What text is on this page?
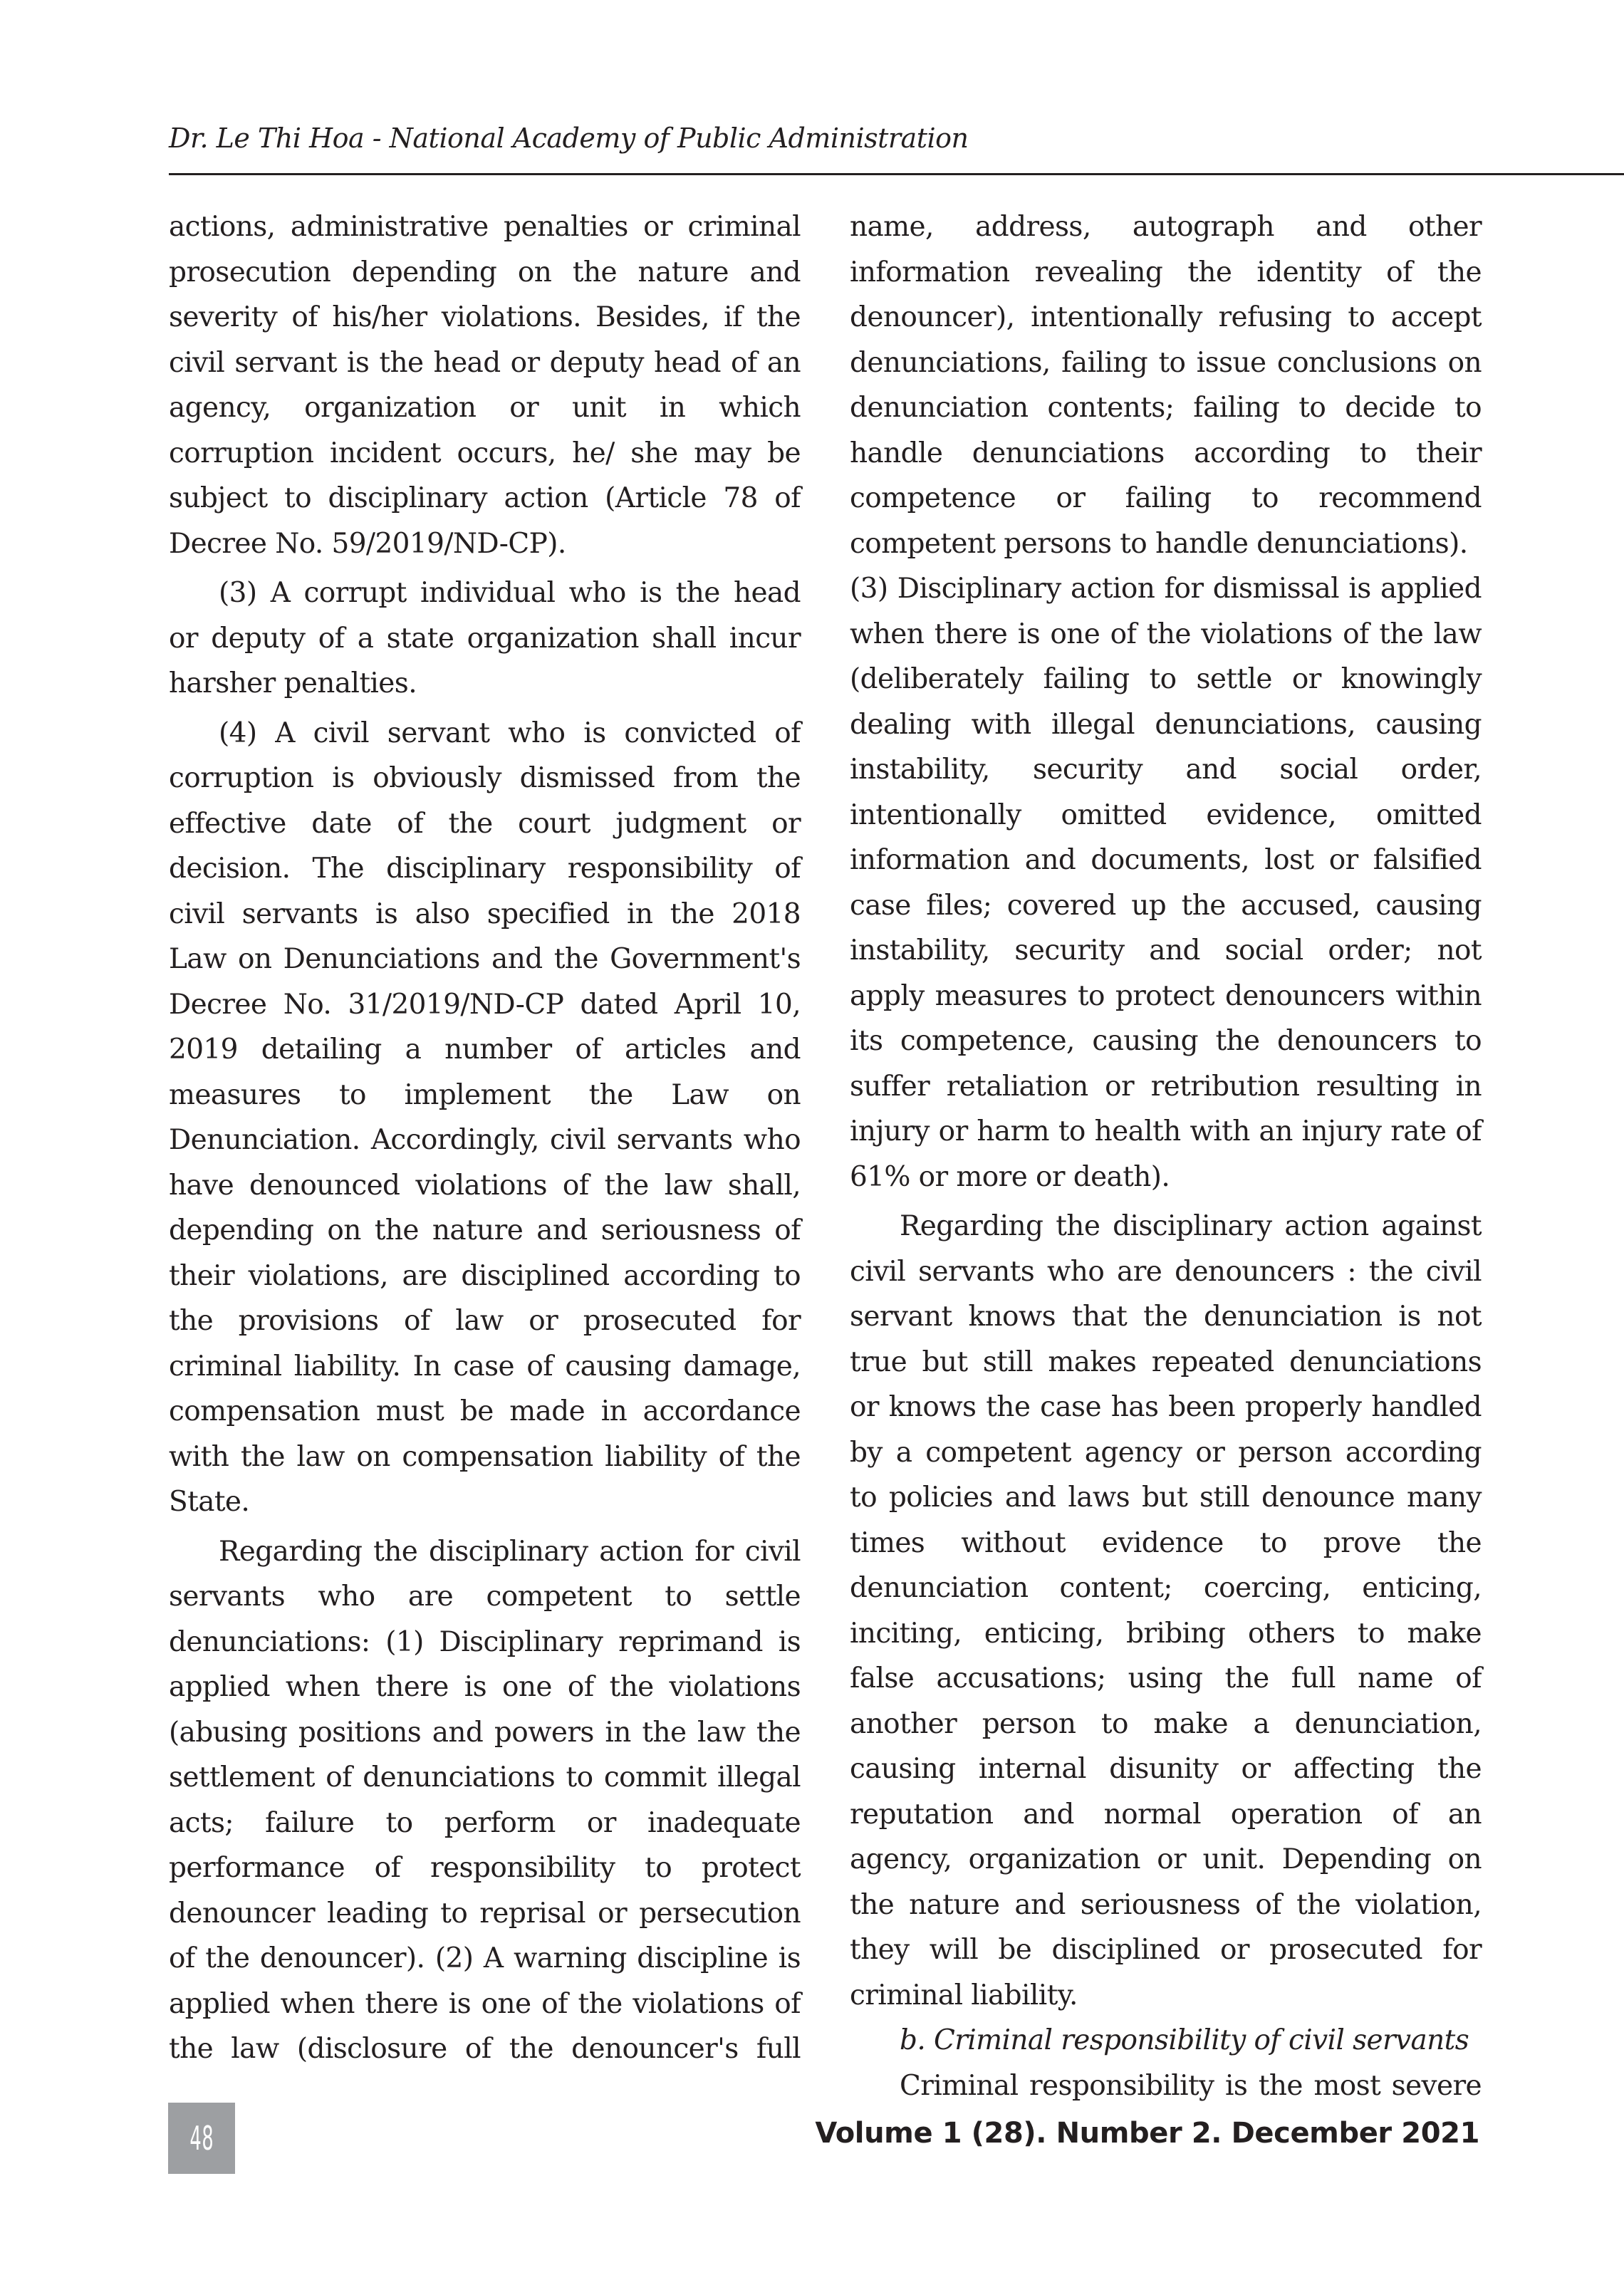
Dr. Le Thi Hoa - National Academy of Public Administration

actions, administrative penalties or criminal prosecution depending on the nature and severity of his/her violations. Besides, if the civil servant is the head or deputy head of an agency, organization or unit in which corruption incident occurs, he/ she may be subject to disciplinary action (Article 78 of Decree No. 59/2019/ND-CP).

(3) A corrupt individual who is the head or deputy of a state organization shall incur harsher penalties.

(4) A civil servant who is convicted of corruption is obviously dismissed from the effective date of the court judgment or decision. The disciplinary responsibility of civil servants is also specified in the 2018 Law on Denunciations and the Government's Decree No. 31/2019/ND-CP dated April 10, 2019 detailing a number of articles and measures to implement the Law on Denunciation. Accordingly, civil servants who have denounced violations of the law shall, depending on the nature and seriousness of their violations, are disciplined according to the provisions of law or prosecuted for criminal liability. In case of causing damage, compensation must be made in accordance with the law on compensation liability of the State.

Regarding the disciplinary action for civil servants who are competent to settle denunciations: (1) Disciplinary reprimand is applied when there is one of the violations (abusing positions and powers in the law the settlement of denunciations to commit illegal acts; failure to perform or inadequate performance of responsibility to protect denouncer leading to reprisal or persecution of the denouncer). (2) A warning discipline is applied when there is one of the violations of the law (disclosure of the denouncer's full

name, address, autograph and other information revealing the identity of the denouncer), intentionally refusing to accept denunciations, failing to issue conclusions on denunciation contents; failing to decide to handle denunciations according to their competence or failing to recommend competent persons to handle denunciations).

(3) Disciplinary action for dismissal is applied when there is one of the violations of the law (deliberately failing to settle or knowingly dealing with illegal denunciations, causing instability, security and social order, intentionally omitted evidence, omitted information and documents, lost or falsified case files; covered up the accused, causing instability, security and social order; not apply measures to protect denouncers within its competence, causing the denouncers to suffer retaliation or retribution resulting in injury or harm to health with an injury rate of 61% or more or death).

Regarding the disciplinary action against civil servants who are denouncers : the civil servant knows that the denunciation is not true but still makes repeated denunciations or knows the case has been properly handled by a competent agency or person according to policies and laws but still denounce many times without evidence to prove the denunciation content; coercing, enticing, inciting, enticing, bribing others to make false accusations; using the full name of another person to make a denunciation, causing internal disunity or affecting the reputation and normal operation of an agency, organization or unit. Depending on the nature and seriousness of the violation, they will be disciplined or prosecuted for criminal liability.

b. Criminal responsibility of civil servants

Criminal responsibility is the most severe

48	Volume 1 (28). Number 2. December 2021
